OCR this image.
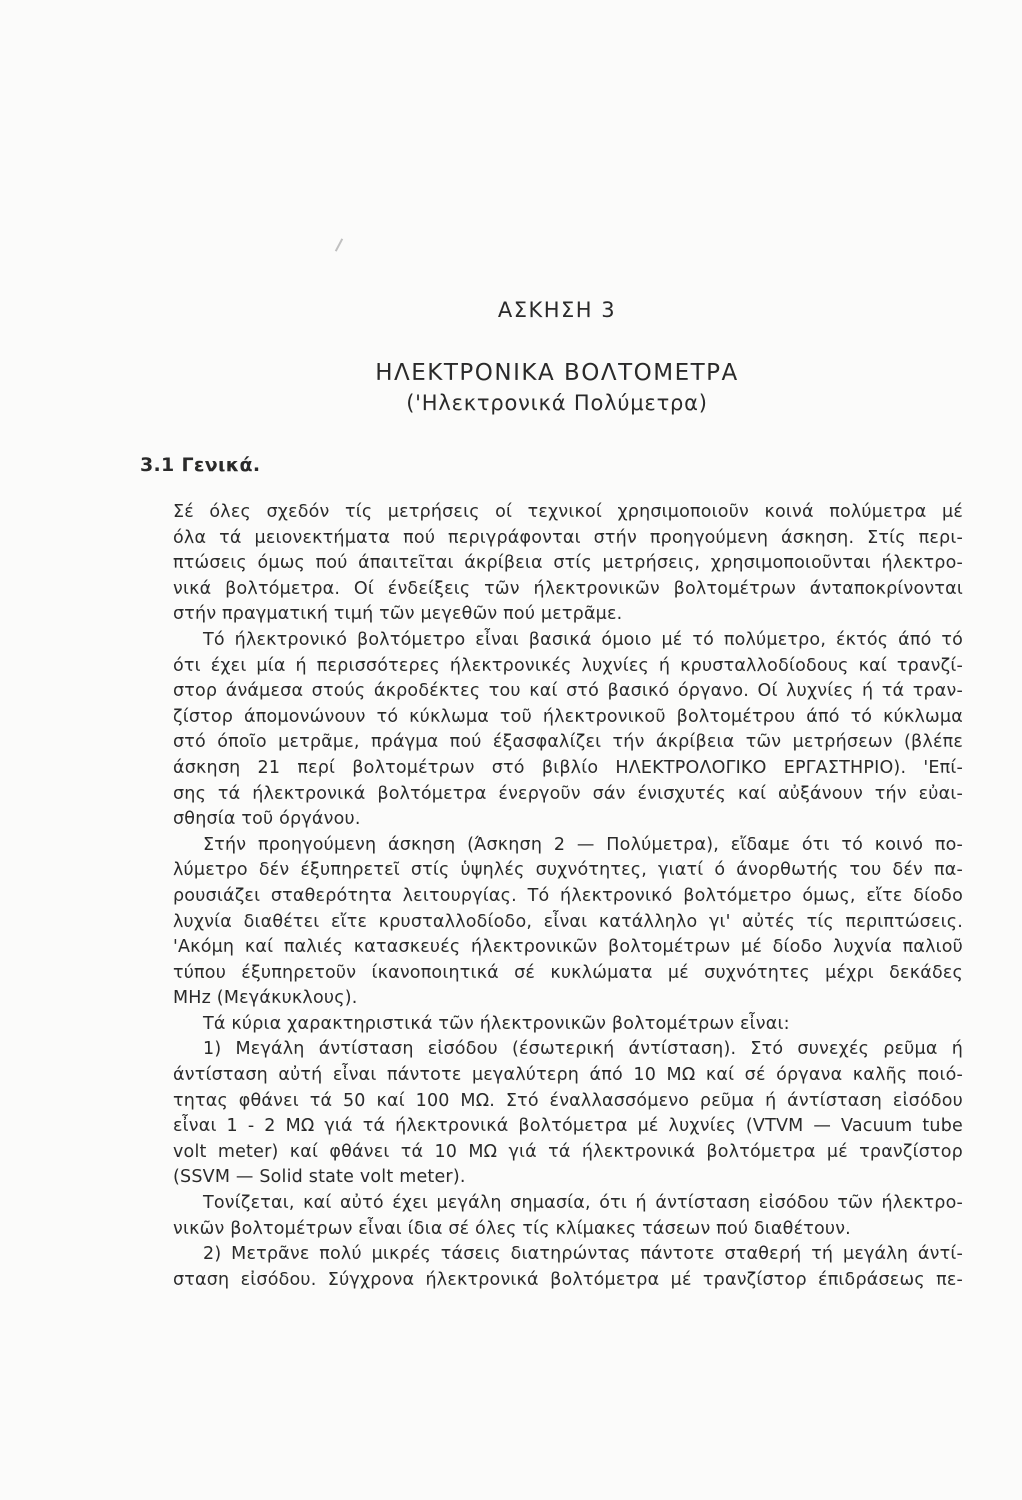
ΑΣΚΗΣΗ 3
ΗΛΕΚΤΡΟΝΙΚΑ ΒΟΛΤΟΜΕΤΡΑ
('Ηλεκτρονικά Πολύμετρα)
3.1 Γενικά.
Σέ όλες σχεδόν τίς μετρήσεις οί τεχνικοί χρησιμοποιοῦν κοινά πολύμετρα μέ
όλα τά μειονεκτήματα πού περιγράφονται στήν προηγούμενη άσκηση. Στίς περι-
πτώσεις όμως πού άπαιτεῖται άκρίβεια στίς μετρήσεις, χρησιμοποιοῦνται ήλεκτρο-
νικά βολτόμετρα. Οί ένδείξεις τῶν ήλεκτρονικῶν βολτομέτρων άνταποκρίνονται
στήν πραγματική τιμή τῶν μεγεθῶν πού μετρᾶμε.
Τό ήλεκτρονικό βολτόμετρο εἶναι βασικά όμοιο μέ τό πολύμετρο, έκτός άπό τό
ότι έχει μία ή περισσότερες ήλεκτρονικές λυχνίες ή κρυσταλλοδίοδους καί τρανζί-
στορ άνάμεσα στούς άκροδέκτες του καί στό βασικό όργανο. Οί λυχνίες ή τά τραν-
ζίστορ άπομονώνουν τό κύκλωμα τοῦ ήλεκτρονικοῦ βολτομέτρου άπό τό κύκλωμα
στό όποῖο μετρᾶμε, πράγμα πού έξασφαλίζει τήν άκρίβεια τῶν μετρήσεων (βλέπε
άσκηση 21 περί βολτομέτρων στό βιβλίο ΗΛΕΚΤΡΟΛΟΓΙΚΟ ΕΡΓΑΣΤΗΡΙΟ). 'Επί-
σης τά ήλεκτρονικά βολτόμετρα ένεργοῦν σάν ένισχυτές καί αὐξάνουν τήν εὐαι-
σθησία τοῦ όργάνου.
Στήν προηγούμενη άσκηση (Άσκηση 2 — Πολύμετρα), εἴδαμε ότι τό κοινό πο-
λύμετρο δέν έξυπηρετεῖ στίς ὑψηλές συχνότητες, γιατί ό άνορθωτής του δέν πα-
ρουσιάζει σταθερότητα λειτουργίας. Τό ήλεκτρονικό βολτόμετρο όμως, εἴτε δίοδο
λυχνία διαθέτει εἴτε κρυσταλλοδίοδο, εἶναι κατάλληλο γι' αὐτές τίς περιπτώσεις.
'Ακόμη καί παλιές κατασκευές ήλεκτρονικῶν βολτομέτρων μέ δίοδο λυχνία παλιοῦ
τύπου έξυπηρετοῦν ίκανοποιητικά σέ κυκλώματα μέ συχνότητες μέχρι δεκάδες
MHz (Μεγάκυκλους).
Τά κύρια χαρακτηριστικά τῶν ήλεκτρονικῶν βολτομέτρων εἶναι:
1) Μεγάλη άντίσταση εἰσόδου (έσωτερική άντίσταση). Στό συνεχές ρεῦμα ή
άντίσταση αὐτή εἶναι πάντοτε μεγαλύτερη άπό 10 ΜΩ καί σέ όργανα καλῆς ποιό-
τητας φθάνει τά 50 καί 100 ΜΩ. Στό έναλλασσόμενο ρεῦμα ή άντίσταση εἰσόδου
εἶναι 1 - 2 ΜΩ γιά τά ήλεκτρονικά βολτόμετρα μέ λυχνίες (VTVM — Vacuum tube
volt meter) καί φθάνει τά 10 ΜΩ γιά τά ήλεκτρονικά βολτόμετρα μέ τρανζίστορ
(SSVM — Solid state volt meter).
Τονίζεται, καί αὐτό έχει μεγάλη σημασία, ότι ή άντίσταση εἰσόδου τῶν ήλεκτρο-
νικῶν βολτομέτρων εἶναι ίδια σέ όλες τίς κλίμακες τάσεων πού διαθέτουν.
2) Μετρᾶνε πολύ μικρές τάσεις διατηρώντας πάντοτε σταθερή τή μεγάλη άντί-
σταση εἰσόδου. Σύγχρονα ήλεκτρονικά βολτόμετρα μέ τρανζίστορ έπιδράσεως πε-
